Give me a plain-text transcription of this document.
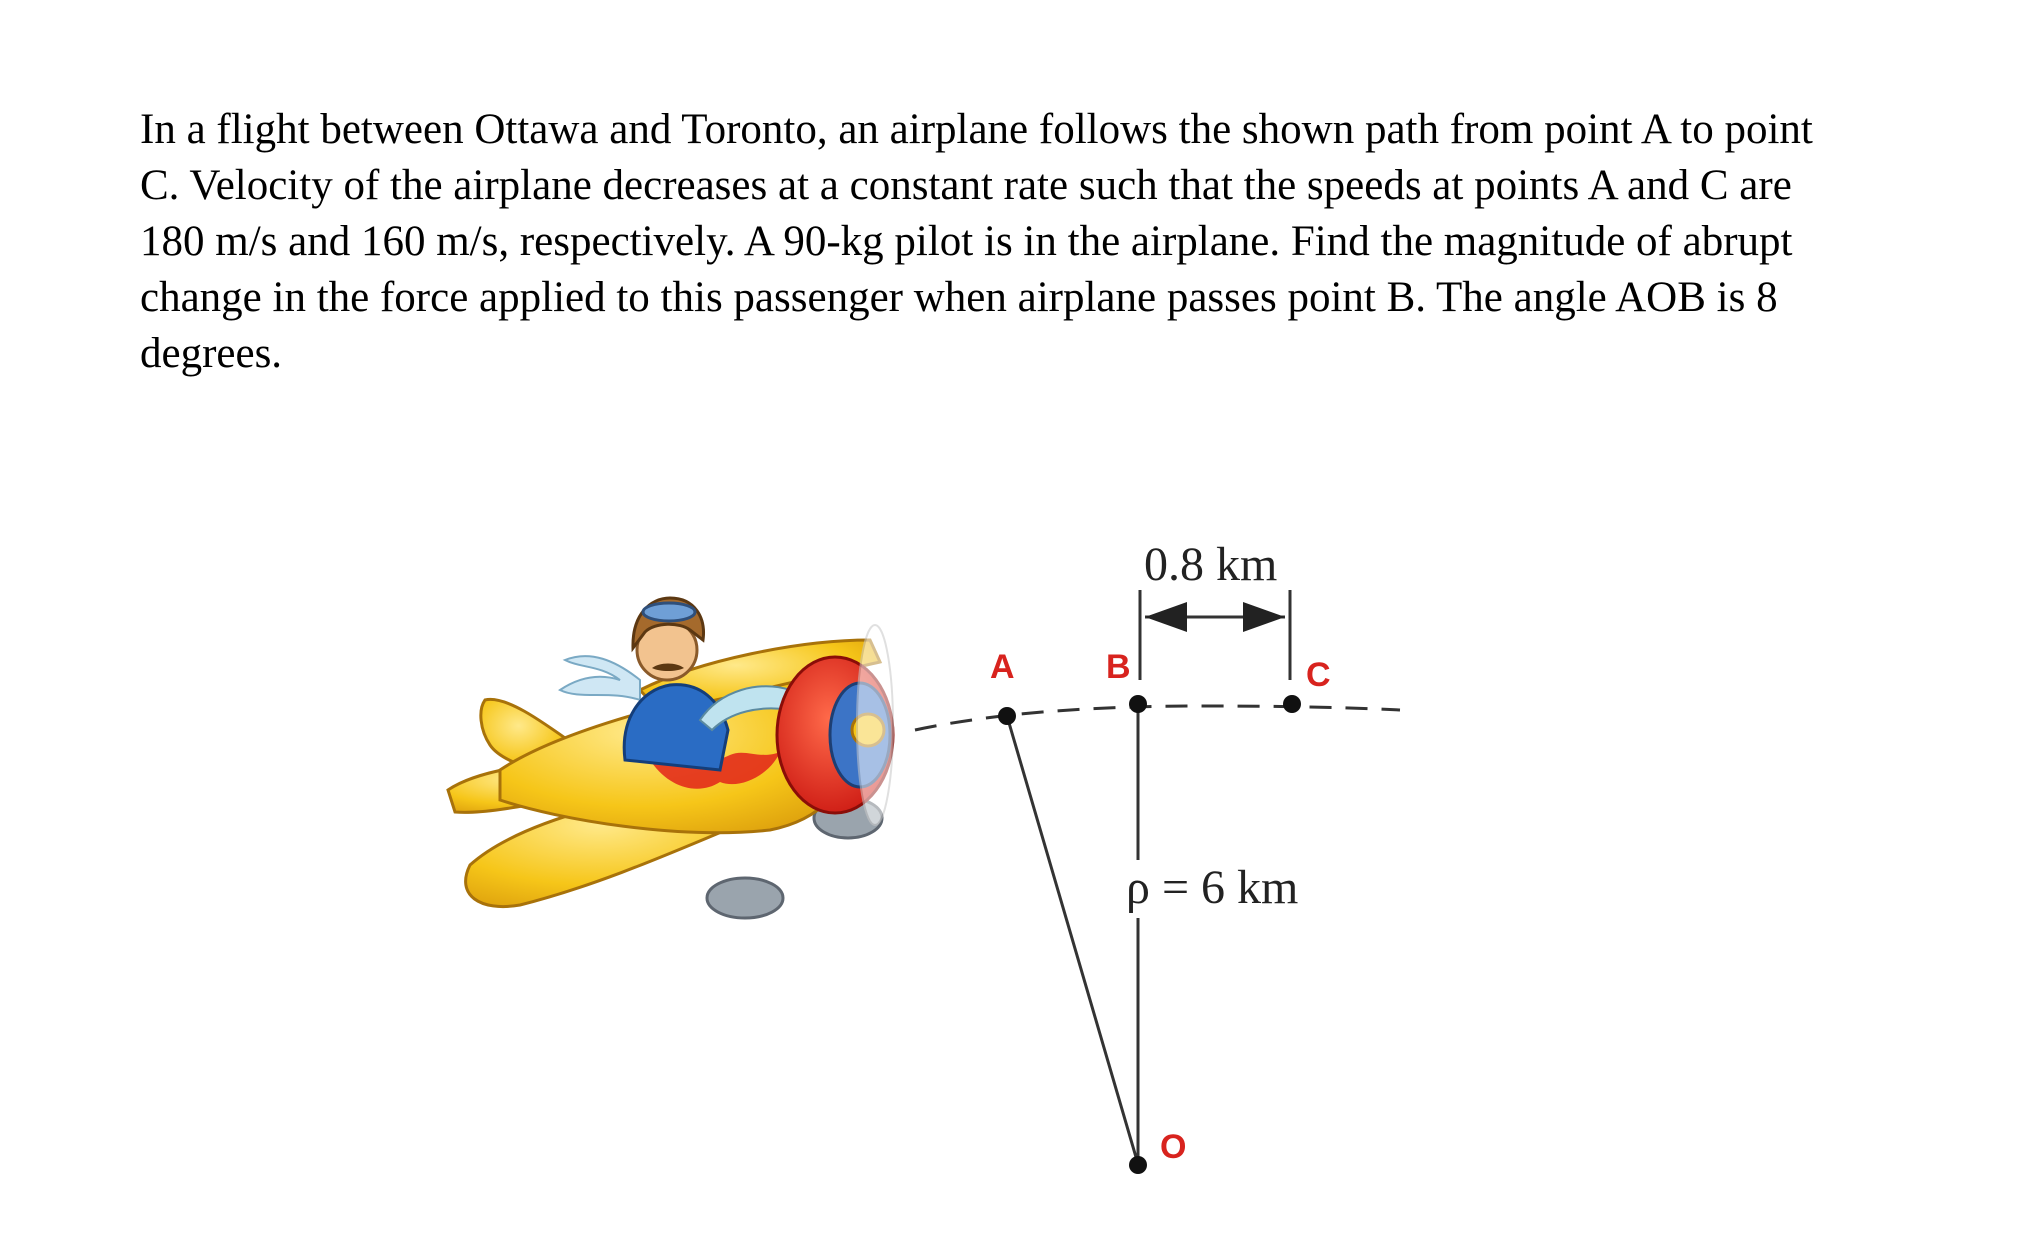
In a flight between Ottawa and Toronto, an airplane follows the shown path from point A to point
C. Velocity of the airplane decreases at a constant rate such that the speeds at points A and C are
180 m/s and 160 m/s, respectively. A 90-kg pilot is in the airplane. Find the magnitude of abrupt
change in the force applied to this passenger when airplane passes point B. The angle AOB is 8
degrees.
A	B	C
O
0.8 km
ρ = 6 km
